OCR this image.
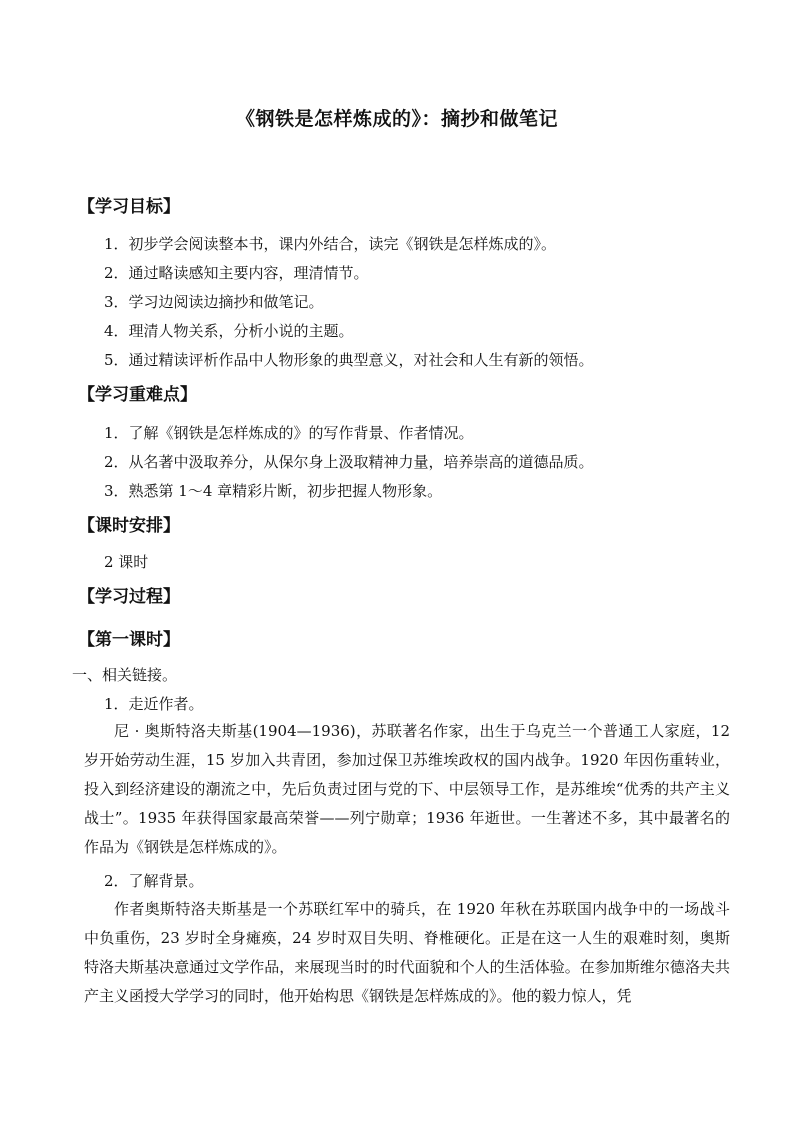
《钢铁是怎样炼成的》：摘抄和做笔记
【学习目标】
1．初步学会阅读整本书，课内外结合，读完《钢铁是怎样炼成的》。
2．通过略读感知主要内容，理清情节。
3．学习边阅读边摘抄和做笔记。
4．理清人物关系，分析小说的主题。
5．通过精读评析作品中人物形象的典型意义，对社会和人生有新的领悟。
【学习重难点】
1．了解《钢铁是怎样炼成的》的写作背景、作者情况。
2．从名著中汲取养分，从保尔身上汲取精神力量，培养崇高的道德品质。
3．熟悉第 1～4 章精彩片断，初步把握人物形象。
【课时安排】
2 课时
【学习过程】
【第一课时】
一、相关链接。
1．走近作者。
尼 · 奥斯特洛夫斯基(1904—1936)，苏联著名作家，出生于乌克兰一个普通工人家庭，12 岁开始劳动生涯，15 岁加入共青团，参加过保卫苏维埃政权的国内战争。1920 年因伤重转业，投入到经济建设的潮流之中，先后负责过团与党的下、中层领导工作，是苏维埃“优秀的共产主义战士”。1935 年获得国家最高荣誉——列宁勋章；1936 年逝世。一生著述不多，其中最著名的作品为《钢铁是怎样炼成的》。
2．了解背景。
作者奥斯特洛夫斯基是一个苏联红军中的骑兵，在 1920 年秋在苏联国内战争中的一场战斗中负重伤，23 岁时全身瘫痪，24 岁时双目失明、脊椎硬化。正是在这一人生的艰难时刻，奥斯特洛夫斯基决意通过文学作品，来展现当时的时代面貌和个人的生活体验。在参加斯维尔德洛夫共产主义函授大学学习的同时，他开始构思《钢铁是怎样炼成的》。他的毅力惊人，凭
